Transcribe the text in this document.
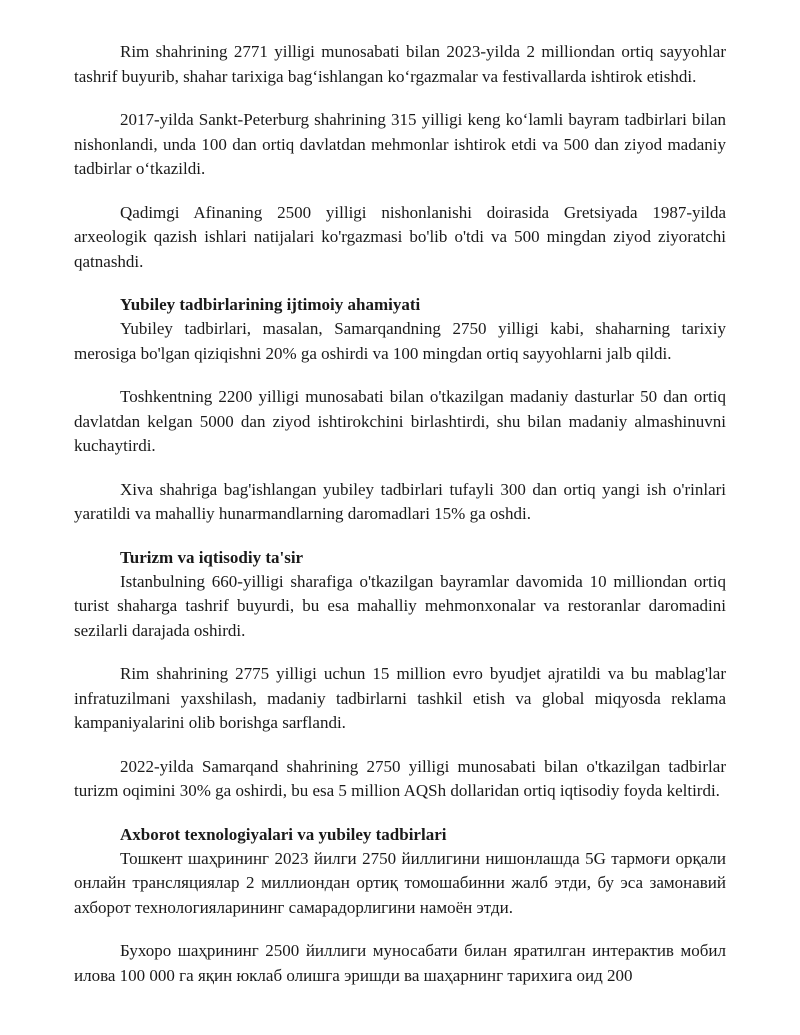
Rim shahrining 2771 yilligi munosabati bilan 2023-yilda 2 milliondan ortiq sayyohlar tashrif buyurib, shahar tarixiga bag‘ishlangan ko‘rgazmalar va festivallarda ishtirok etishdi.

2017-yilda Sankt-Peterburg shahrining 315 yilligi keng ko‘lamli bayram tadbirlari bilan nishonlandi, unda 100 dan ortiq davlatdan mehmonlar ishtirok etdi va 500 dan ziyod madaniy tadbirlar o‘tkazildi.

Qadimgi Afinaning 2500 yilligi nishonlanishi doirasida Gretsiyada 1987-yilda arxeologik qazish ishlari natijalari ko'rgazmasi bo'lib o'tdi va 500 mingdan ziyod ziyoratchi qatnashdi.

Yubiley tadbirlarining ijtimoiy ahamiyati

Yubiley tadbirlari, masalan, Samarqandning 2750 yilligi kabi, shaharning tarixiy merosiga bo'lgan qiziqishni 20% ga oshirdi va 100 mingdan ortiq sayyohlarni jalb qildi.

Toshkentning 2200 yilligi munosabati bilan o'tkazilgan madaniy dasturlar 50 dan ortiq davlatdan kelgan 5000 dan ziyod ishtirokchini birlashtirdi, shu bilan madaniy almashinuvni kuchaytirdi.

Xiva shahriga bag'ishlangan yubiley tadbirlari tufayli 300 dan ortiq yangi ish o'rinlari yaratildi va mahalliy hunarmandlarning daromadlari 15% ga oshdi.

Turizm va iqtisodiy ta'sir

Istanbulning 660-yilligi sharafiga o'tkazilgan bayramlar davomida 10 milliondan ortiq turist shaharga tashrif buyurdi, bu esa mahalliy mehmonxonalar va restoranlar daromadini sezilarli darajada oshirdi.

Rim shahrining 2775 yilligi uchun 15 million evro byudjet ajratildi va bu mablag'lar infratuzilmani yaxshilash, madaniy tadbirlarni tashkil etish va global miqyosda reklama kampaniyalarini olib borishga sarflandi.

2022-yilda Samarqand shahrining 2750 yilligi munosabati bilan o'tkazilgan tadbirlar turizm oqimini 30% ga oshirdi, bu esa 5 million AQSh dollaridan ortiq iqtisodiy foyda keltirdi.

Axborot texnologiyalari va yubiley tadbirlari

Тошкент шаҳрининг 2023 йилги 2750 йиллигини нишонлашда 5G тармоғи орқали онлайн трансляциялар 2 миллиондан ортиқ томошабинни жалб этди, бу эса замонавий ахборот технологияларининг самарадорлигини намоён этди.

Бухоро шаҳрининг 2500 йиллиги муносабати билан яратилган интерактив мобил илова 100 000 га яқин юклаб олишга эришди ва шаҳарнинг тарихига оид 200
